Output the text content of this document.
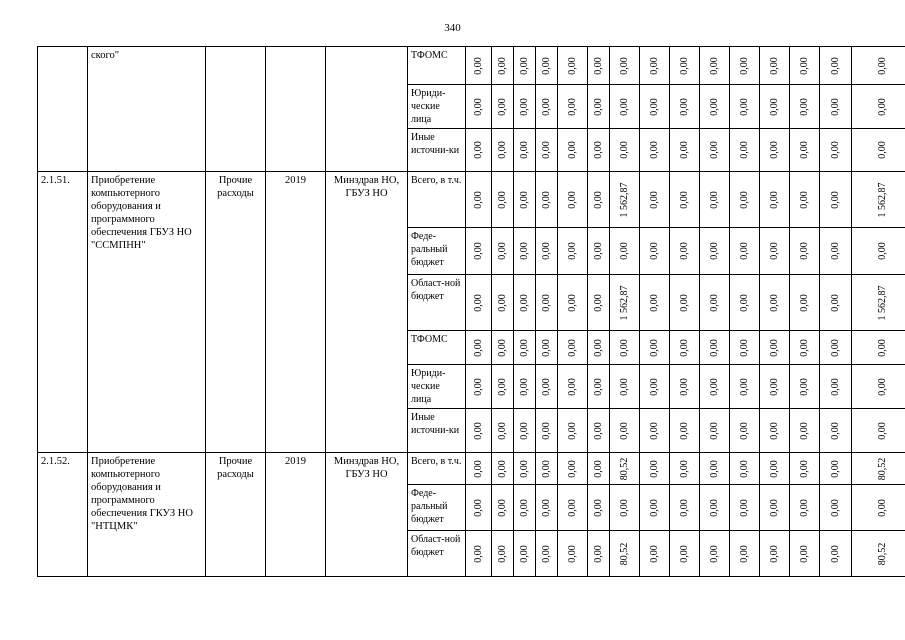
340
	ского"				ТФОМС	0,00	0,00	0,00	0,00	0,00	0,00	0,00	0,00	0,00	0,00	0,00	0,00	0,00	0,00	0,00

					Юриди-ческие лица	0,00	0,00	0,00	0,00	0,00	0,00	0,00	0,00	0,00	0,00	0,00	0,00	0,00	0,00	0,00

					Иные источни-ки	0,00	0,00	0,00	0,00	0,00	0,00	0,00	0,00	0,00	0,00	0,00	0,00	0,00	0,00	0,00

2.1.51.	Приобретение компьютерного оборудования и программного обеспечения ГБУЗ НО "ССМПНН"	Прочие расходы	2019	Минздрав НО, ГБУЗ НО	Всего, в т.ч.	0,00	0,00	0,00	0,00	0,00	0,00	1 562,87	0,00	0,00	0,00	0,00	0,00	0,00	0,00	1 562,87

					Феде-ральный бюджет	0,00	0,00	0,00	0,00	0,00	0,00	0,00	0,00	0,00	0,00	0,00	0,00	0,00	0,00	0,00

					Област-ной бюджет	0,00	0,00	0,00	0,00	0,00	0,00	1 562,87	0,00	0,00	0,00	0,00	0,00	0,00	0,00	1 562,87

					ТФОМС	0,00	0,00	0,00	0,00	0,00	0,00	0,00	0,00	0,00	0,00	0,00	0,00	0,00	0,00	0,00

					Юриди-ческие лица	0,00	0,00	0,00	0,00	0,00	0,00	0,00	0,00	0,00	0,00	0,00	0,00	0,00	0,00	0,00

					Иные источни-ки	0,00	0,00	0,00	0,00	0,00	0,00	0,00	0,00	0,00	0,00	0,00	0,00	0,00	0,00	0,00

2.1.52.	Приобретение компьютерного оборудования и программного обеспечения ГКУЗ НО "НТЦМК"	Прочие расходы	2019	Минздрав НО, ГБУЗ НО	Всего, в т.ч.	0,00	0,00	0,00	0,00	0,00	0,00	80,52	0,00	0,00	0,00	0,00	0,00	0,00	0,00	80,52

					Феде-ральный бюджет	0,00	0,00	0,00	0,00	0,00	0,00	0,00	0,00	0,00	0,00	0,00	0,00	0,00	0,00	0,00

					Област-ной бюджет	0,00	0,00	0,00	0,00	0,00	0,00	80,52	0,00	0,00	0,00	0,00	0,00	0,00	0,00	80,52
